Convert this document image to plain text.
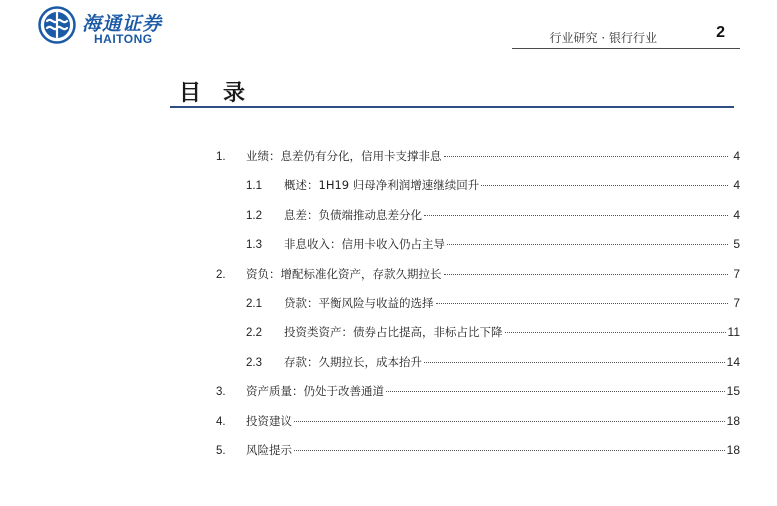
海通证券
HAITONG	行业研究 · 银行行业	2
目录
1.	业绩：息差仍有分化，信用卡支撑非息	4
1.1	概述：1H19 归母净利润增速继续回升	4
1.2	息差：负债端推动息差分化	4
1.3	非息收入：信用卡收入仍占主导	5
2.	资负：增配标准化资产，存款久期拉长	7
2.1	贷款：平衡风险与收益的选择	7
2.2	投资类资产：债券占比提高，非标占比下降	11
2.3	存款：久期拉长，成本抬升	14
3.	资产质量：仍处于改善通道	15
4.	投资建议	18
5.	风险提示	18
